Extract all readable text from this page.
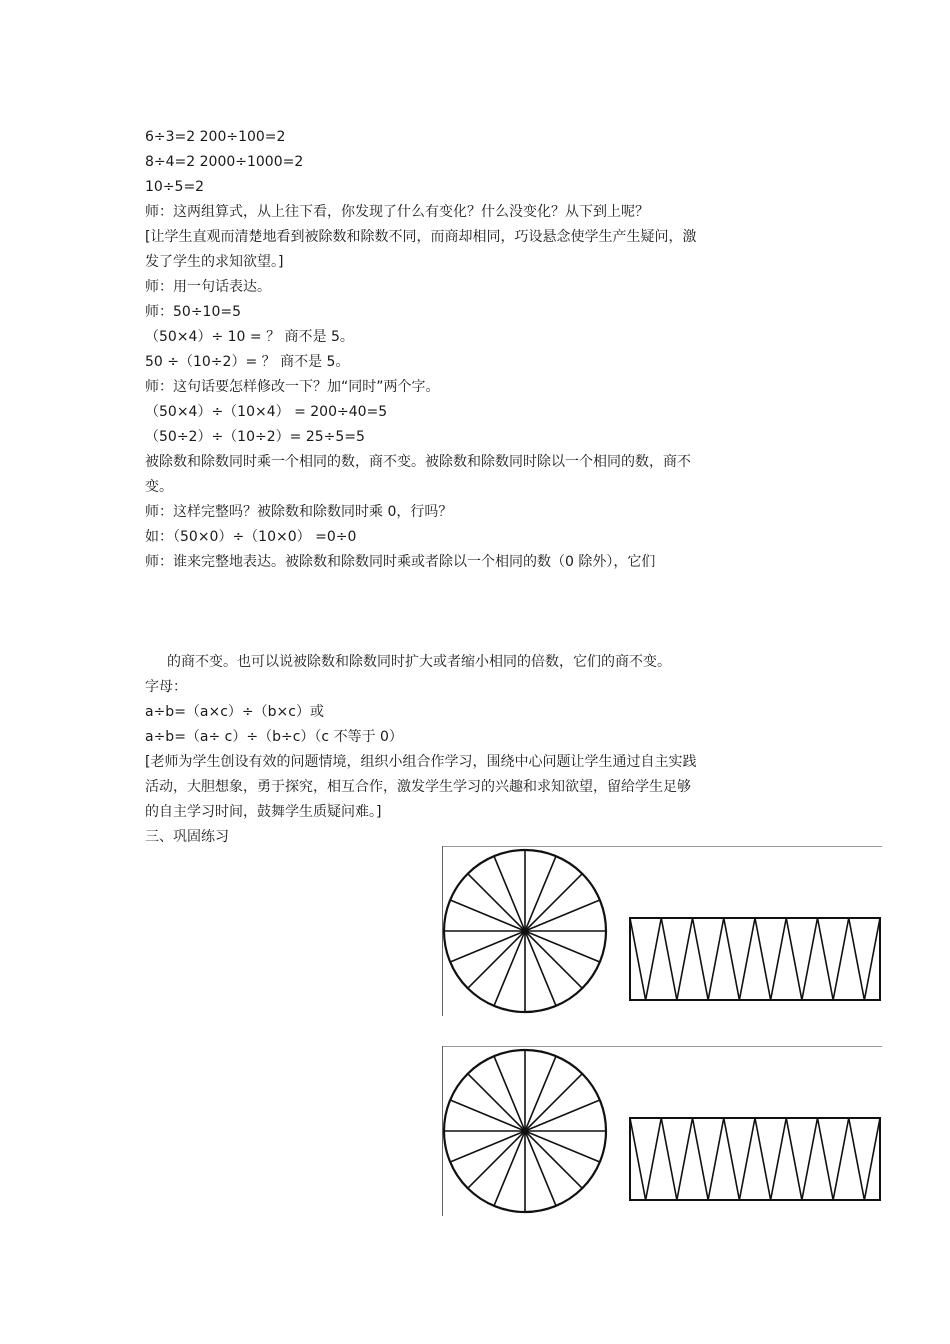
6÷3=2 200÷100=2
8÷4=2 2000÷1000=2
10÷5=2
师：这两组算式，从上往下看，你发现了什么有变化？什么没变化？从下到上呢？
[让学生直观而清楚地看到被除数和除数不同，而商却相同，巧设悬念使学生产生疑问，激
发了学生的求知欲望。]
师：用一句话表达。
师：50÷10=5
（50×4）÷ 10 = ？ 商不是 5。
50 ÷（10÷2）= ？ 商不是 5。
师：这句话要怎样修改一下？加“同时”两个字。
（50×4）÷（10×4） = 200÷40=5
（50÷2）÷（10÷2）= 25÷5=5
被除数和除数同时乘一个相同的数，商不变。被除数和除数同时除以一个相同的数，商不
变。
师：这样完整吗？被除数和除数同时乘 0，行吗？
如：（50×0）÷（10×0） =0÷0
师：谁来完整地表达。被除数和除数同时乘或者除以一个相同的数（0 除外），它们
的商不变。也可以说被除数和除数同时扩大或者缩小相同的倍数，它们的商不变。
字母：
a÷b=（a×c）÷（b×c）或
a÷b=（a÷ c）÷（b÷c）（c 不等于 0）
[老师为学生创设有效的问题情境，组织小组合作学习，围绕中心问题让学生通过自主实践
活动，大胆想象，勇于探究，相互合作，激发学生学习的兴趣和求知欲望，留给学生足够
的自主学习时间，鼓舞学生质疑问难。]
三、巩固练习
